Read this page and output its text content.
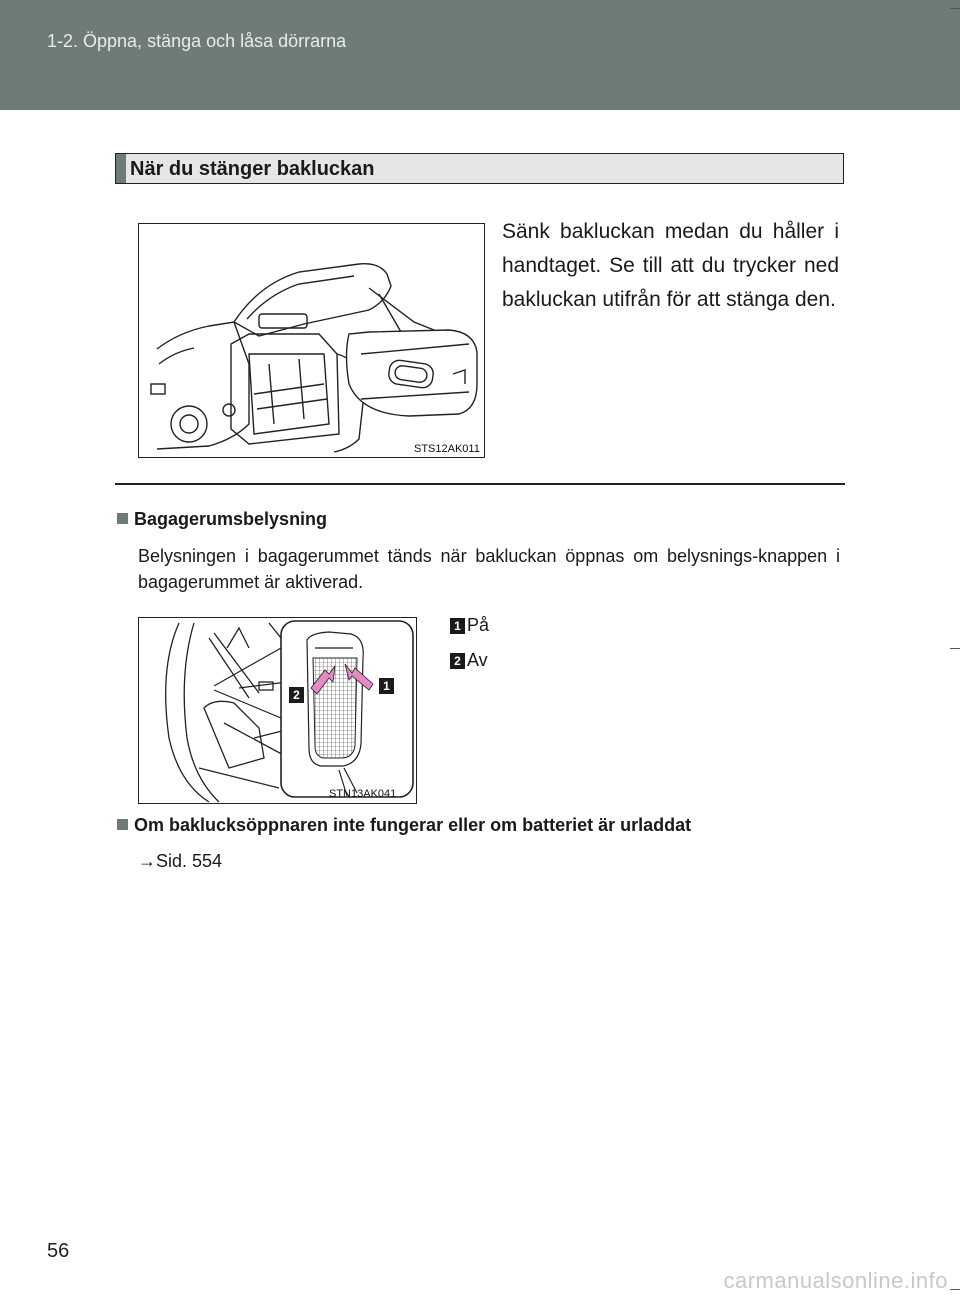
1-2. Öppna, stänga och låsa dörrarna
När du stänger bakluckan
STS12AK011
Sänk bakluckan medan du håller i handtaget. Se till att du trycker ned bakluckan utifrån för att stänga den.
Bagagerumsbelysning
Belysningen i bagagerummet tänds när bakluckan öppnas om belysnings-knappen i bagagerummet är aktiverad.
2
1
STN13AK041
1 På
2 Av
Om baklucksöppnaren inte fungerar eller om batteriet är urladdat
→Sid. 554
56
carmanualsonline.info
